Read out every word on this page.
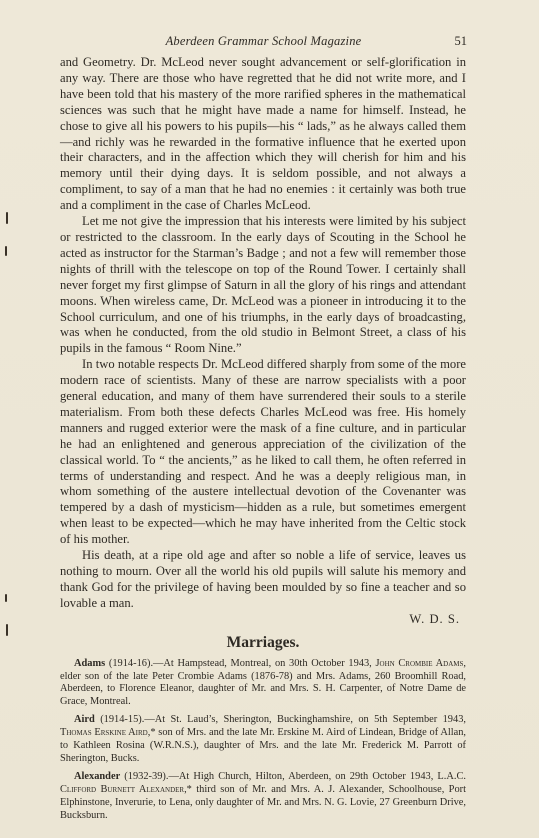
Aberdeen Grammar School Magazine	51

and Geometry. Dr. McLeod never sought advancement or self-glorification in any way. There are those who have regretted that he did not write more, and I have been told that his mastery of the more rarified spheres in the mathematical sciences was such that he might have made a name for himself. Instead, he chose to give all his powers to his pupils—his “ lads,” as he always called them—and richly was he rewarded in the formative influence that he exerted upon their characters, and in the affection which they will cherish for him and his memory until their dying days. It is seldom possible, and not always a compliment, to say of a man that he had no enemies : it certainly was both true and a compliment in the case of Charles McLeod.

Let me not give the impression that his interests were limited by his subject or restricted to the classroom. In the early days of Scouting in the School he acted as instructor for the Starman’s Badge ; and not a few will remember those nights of thrill with the telescope on top of the Round Tower. I certainly shall never forget my first glimpse of Saturn in all the glory of his rings and attendant moons. When wireless came, Dr. McLeod was a pioneer in introducing it to the School curriculum, and one of his triumphs, in the early days of broadcasting, was when he conducted, from the old studio in Belmont Street, a class of his pupils in the famous “ Room Nine.”

In two notable respects Dr. McLeod differed sharply from some of the more modern race of scientists. Many of these are narrow specialists with a poor general education, and many of them have surrendered their souls to a sterile materialism. From both these defects Charles McLeod was free. His homely manners and rugged exterior were the mask of a fine culture, and in particular he had an enlightened and generous appreciation of the civilization of the classical world. To “ the ancients,” as he liked to call them, he often referred in terms of understanding and respect. And he was a deeply religious man, in whom something of the austere intellectual devotion of the Covenanter was tempered by a dash of mysticism—hidden as a rule, but sometimes emergent when least to be expected—which he may have inherited from the Celtic stock of his mother.

His death, at a ripe old age and after so noble a life of service, leaves us nothing to mourn. Over all the world his old pupils will salute his memory and thank God for the privilege of having been moulded by so fine a teacher and so lovable a man.

W. D. S.

Marriages.

Adams (1914-16).—At Hampstead, Montreal, on 30th October 1943, John Crombie Adams, elder son of the late Peter Crombie Adams (1876-78) and Mrs. Adams, 260 Broomhill Road, Aberdeen, to Florence Eleanor, daughter of Mr. and Mrs. S. H. Carpenter, of Notre Dame de Grace, Montreal.

Aird (1914-15).—At St. Laud’s, Sherington, Buckinghamshire, on 5th September 1943, Thomas Erskine Aird,* son of Mrs. and the late Mr. Erskine M. Aird of Lindean, Bridge of Allan, to Kathleen Rosina (W.R.N.S.), daughter of Mrs. and the late Mr. Frederick M. Parrott of Sherington, Bucks.

Alexander (1932-39).—At High Church, Hilton, Aberdeen, on 29th October 1943, L.A.C. Clifford Burnett Alexander,* third son of Mr. and Mrs. A. J. Alexander, Schoolhouse, Port Elphinstone, Inverurie, to Lena, only daughter of Mr. and Mrs. N. G. Lovie, 27 Greenburn Drive, Bucksburn.
